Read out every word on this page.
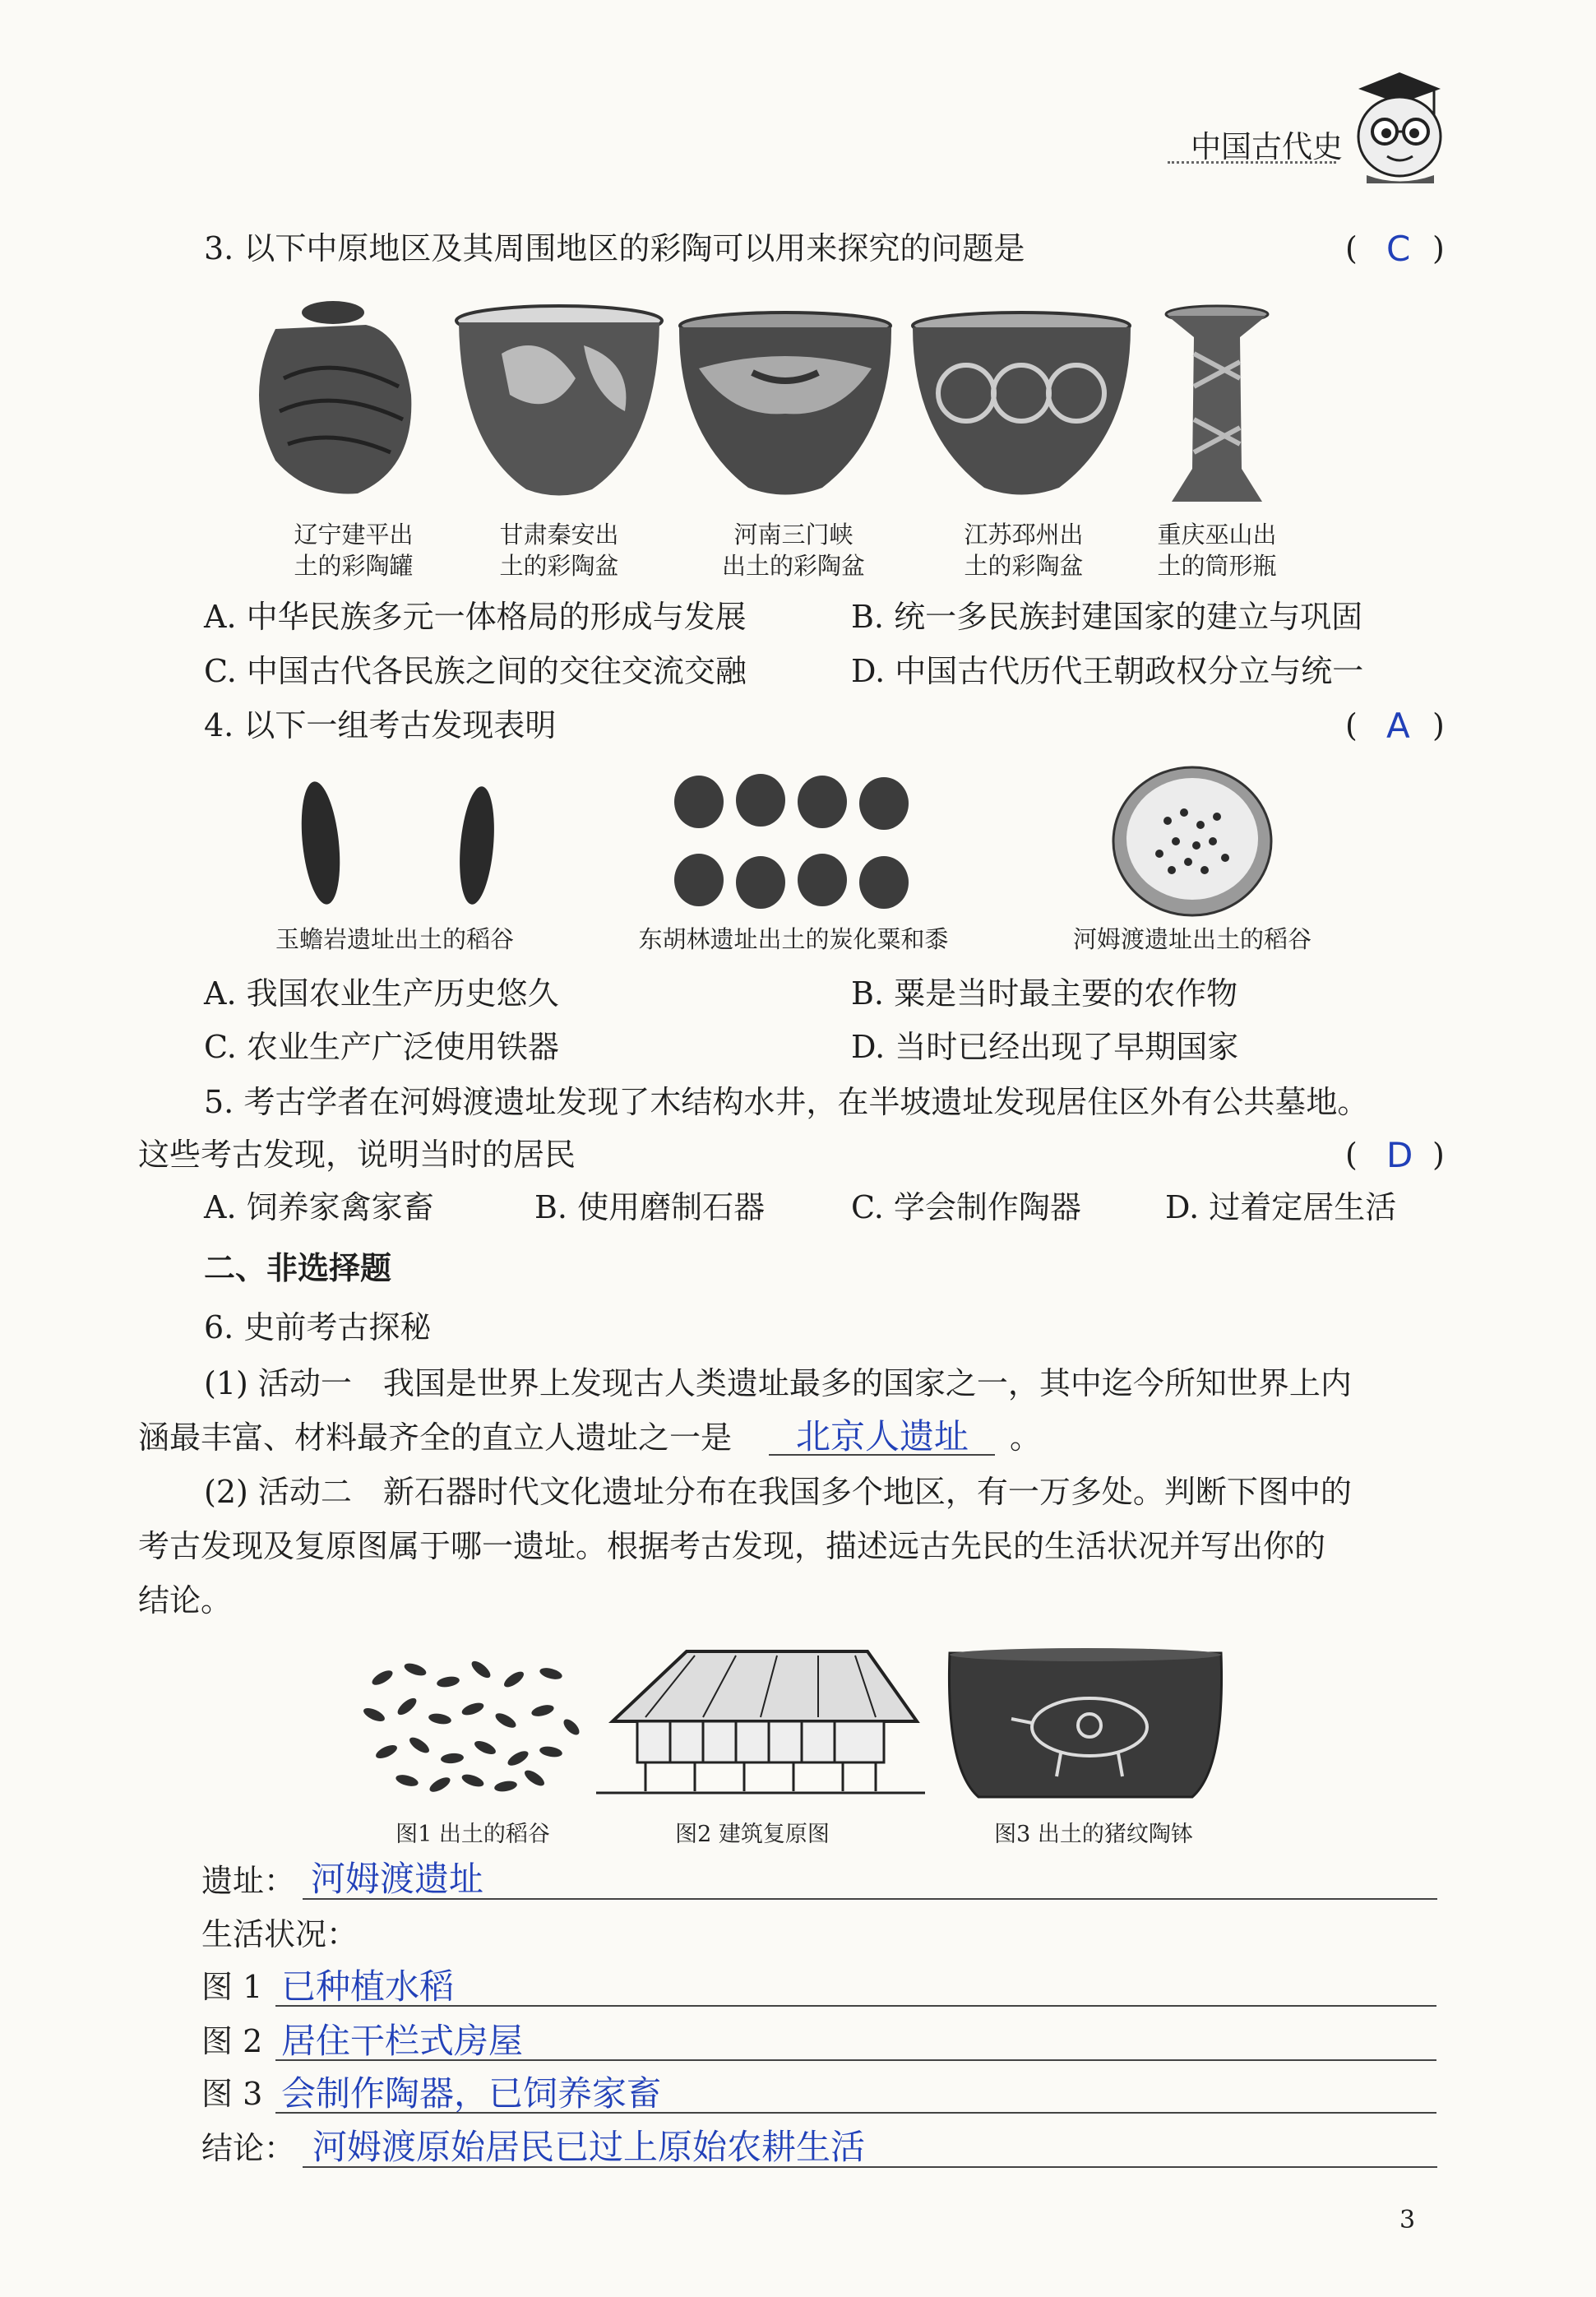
中国古代史
3. 以下中原地区及其周围地区的彩陶可以用来探究的问题是	( C )
辽宁建平出
土的彩陶罐
甘肃秦安出
土的彩陶盆
河南三门峡
出土的彩陶盆
江苏邳州出
土的彩陶盆
重庆巫山出
土的筒形瓶
A. 中华民族多元一体格局的形成与发展	B. 统一多民族封建国家的建立与巩固
C. 中国古代各民族之间的交往交流交融	D. 中国古代历代王朝政权分立与统一
4. 以下一组考古发现表明	( A )
玉蟾岩遗址出土的稻谷	东胡林遗址出土的炭化粟和黍	河姆渡遗址出土的稻谷
A. 我国农业生产历史悠久	B. 粟是当时最主要的农作物
C. 农业生产广泛使用铁器	D. 当时已经出现了早期国家
5. 考古学者在河姆渡遗址发现了木结构水井，在半坡遗址发现居住区外有公共墓地。
这些考古发现，说明当时的居民	( D )
A. 饲养家禽家畜	B. 使用磨制石器	C. 学会制作陶器	D. 过着定居生活
二、非选择题
6. 史前考古探秘
(1) 活动一　我国是世界上发现古人类遗址最多的国家之一，其中迄今所知世界上内
涵最丰富、材料最齐全的直立人遗址之一是 北京人遗址 。
(2) 活动二　新石器时代文化遗址分布在我国多个地区，有一万多处。判断下图中的
考古发现及复原图属于哪一遗址。根据考古发现，描述远古先民的生活状况并写出你的
结论。
图1 出土的稻谷	图2 建筑复原图	图3 出土的猪纹陶钵
遗址： 河姆渡遗址
生活状况：
图 1 已种植水稻
图 2 居住干栏式房屋
图 3 会制作陶器，已饲养家畜
结论： 河姆渡原始居民已过上原始农耕生活
3
